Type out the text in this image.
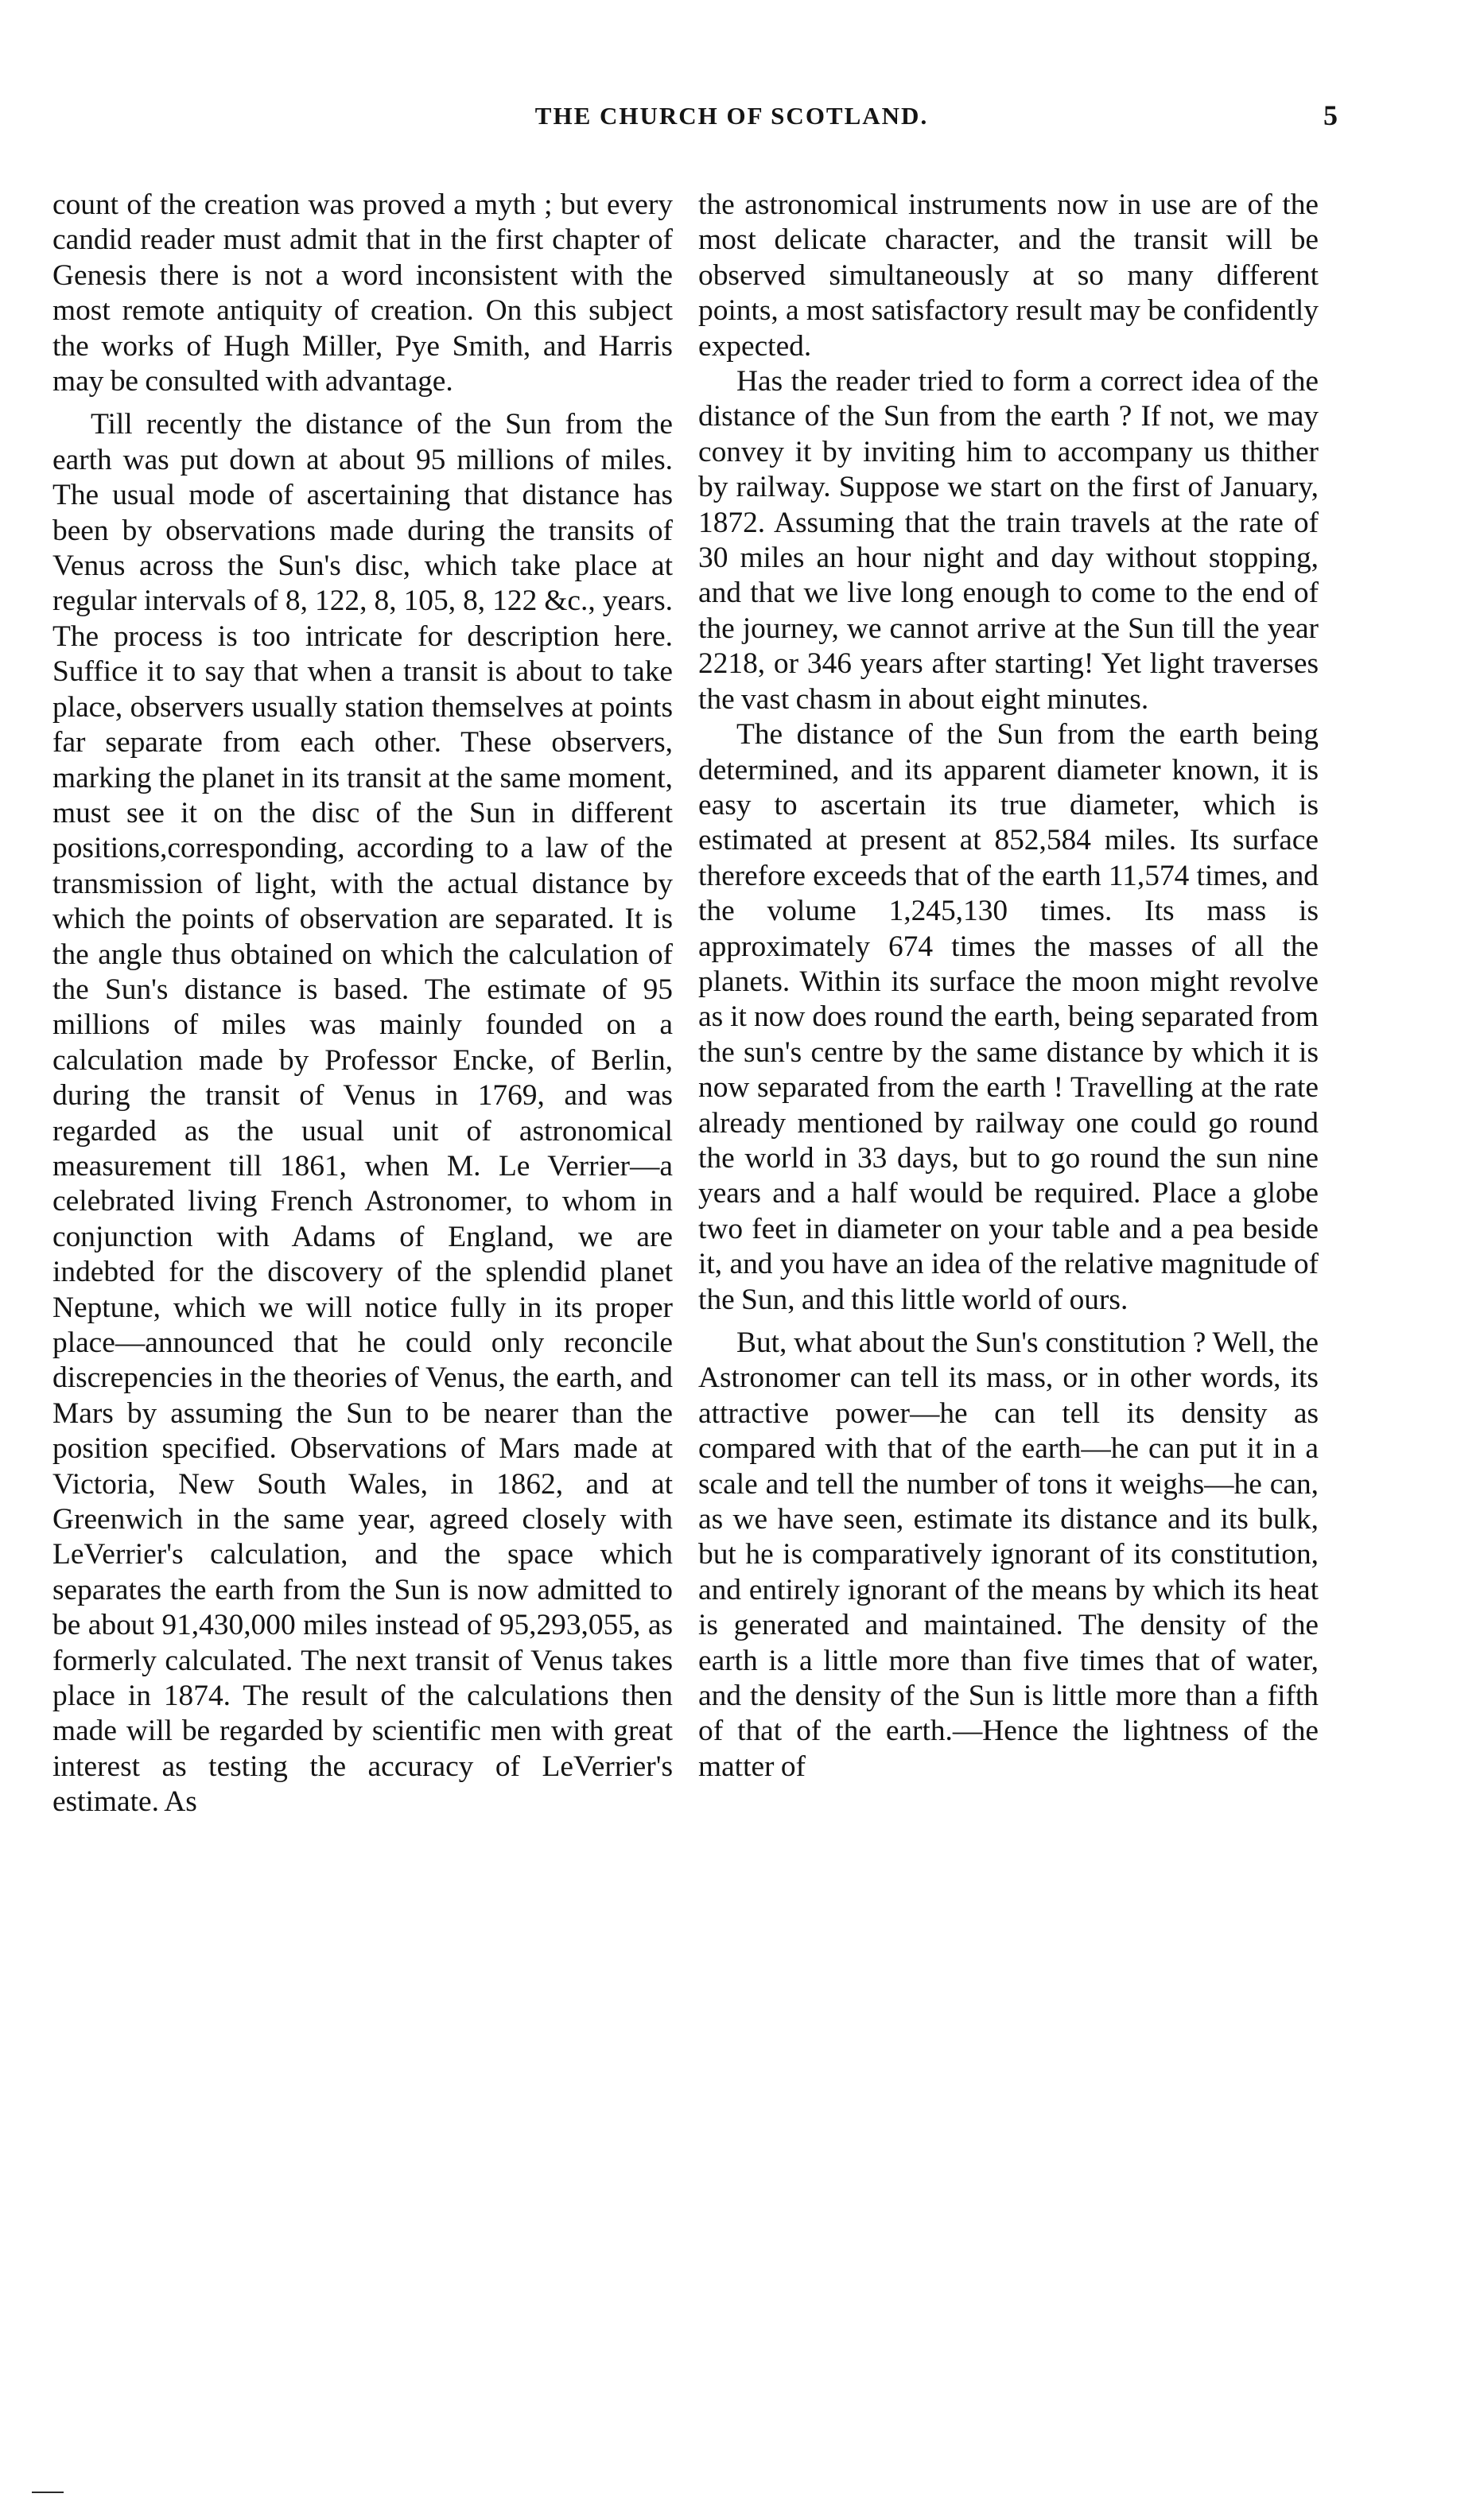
THE CHURCH OF SCOTLAND.	5

count of the creation was proved a myth ; but every candid reader must admit that in the first chapter of Genesis there is not a word inconsistent with the most remote antiquity of creation. On this subject the works of Hugh Miller, Pye Smith, and Harris may be consulted with advantage.

Till recently the distance of the Sun from the earth was put down at about 95 millions of miles. The usual mode of ascertaining that distance has been by observations made during the transits of Venus across the Sun's disc, which take place at regular intervals of 8, 122, 8, 105, 8, 122 &c., years. The process is too intricate for description here. Suffice it to say that when a transit is about to take place, observers usually station themselves at points far separate from each other. These observers, marking the planet in its transit at the same moment, must see it on the disc of the Sun in different positions,corresponding, according to a law of the transmission of light, with the actual distance by which the points of observation are separated. It is the angle thus obtained on which the calculation of the Sun's distance is based. The estimate of 95 millions of miles was mainly founded on a calculation made by Professor Encke, of Berlin, during the transit of Venus in 1769, and was regarded as the usual unit of astronomical measurement till 1861, when M. Le Verrier—a celebrated living French Astronomer, to whom in conjunction with Adams of England, we are indebted for the discovery of the splendid planet Neptune, which we will notice fully in its proper place—announced that he could only reconcile discrepencies in the theories of Venus, the earth, and Mars by assuming the Sun to be nearer than the position specified. Observations of Mars made at Victoria, New South Wales, in 1862, and at Greenwich in the same year, agreed closely with LeVerrier's calculation, and the space which separates the earth from the Sun is now admitted to be about 91,430,000 miles instead of 95,293,055, as formerly calculated. The next transit of Venus takes place in 1874. The result of the calculations then made will be regarded by scientific men with great interest as testing the accuracy of LeVerrier's estimate. As

the astronomical instruments now in use are of the most delicate character, and the transit will be observed simultaneously at so many different points, a most satisfactory result may be confidently expected.

Has the reader tried to form a correct idea of the distance of the Sun from the earth ? If not, we may convey it by inviting him to accompany us thither by railway. Suppose we start on the first of January, 1872. Assuming that the train travels at the rate of 30 miles an hour night and day without stopping, and that we live long enough to come to the end of the journey, we cannot arrive at the Sun till the year 2218, or 346 years after starting! Yet light traverses the vast chasm in about eight minutes.

The distance of the Sun from the earth being determined, and its apparent diameter known, it is easy to ascertain its true diameter, which is estimated at present at 852,584 miles. Its surface therefore exceeds that of the earth 11,574 times, and the volume 1,245,130 times. Its mass is approximately 674 times the masses of all the planets. Within its surface the moon might revolve as it now does round the earth, being separated from the sun's centre by the same distance by which it is now separated from the earth ! Travelling at the rate already mentioned by railway one could go round the world in 33 days, but to go round the sun nine years and a half would be required. Place a globe two feet in diameter on your table and a pea beside it, and you have an idea of the relative magnitude of the Sun, and this little world of ours.

But, what about the Sun's constitution ? Well, the Astronomer can tell its mass, or in other words, its attractive power—he can tell its density as compared with that of the earth—he can put it in a scale and tell the number of tons it weighs—he can, as we have seen, estimate its distance and its bulk, but he is comparatively ignorant of its constitution, and entirely ignorant of the means by which its heat is generated and maintained. The density of the earth is a little more than five times that of water, and the density of the Sun is little more than a fifth of that of the earth.—Hence the lightness of the matter of
